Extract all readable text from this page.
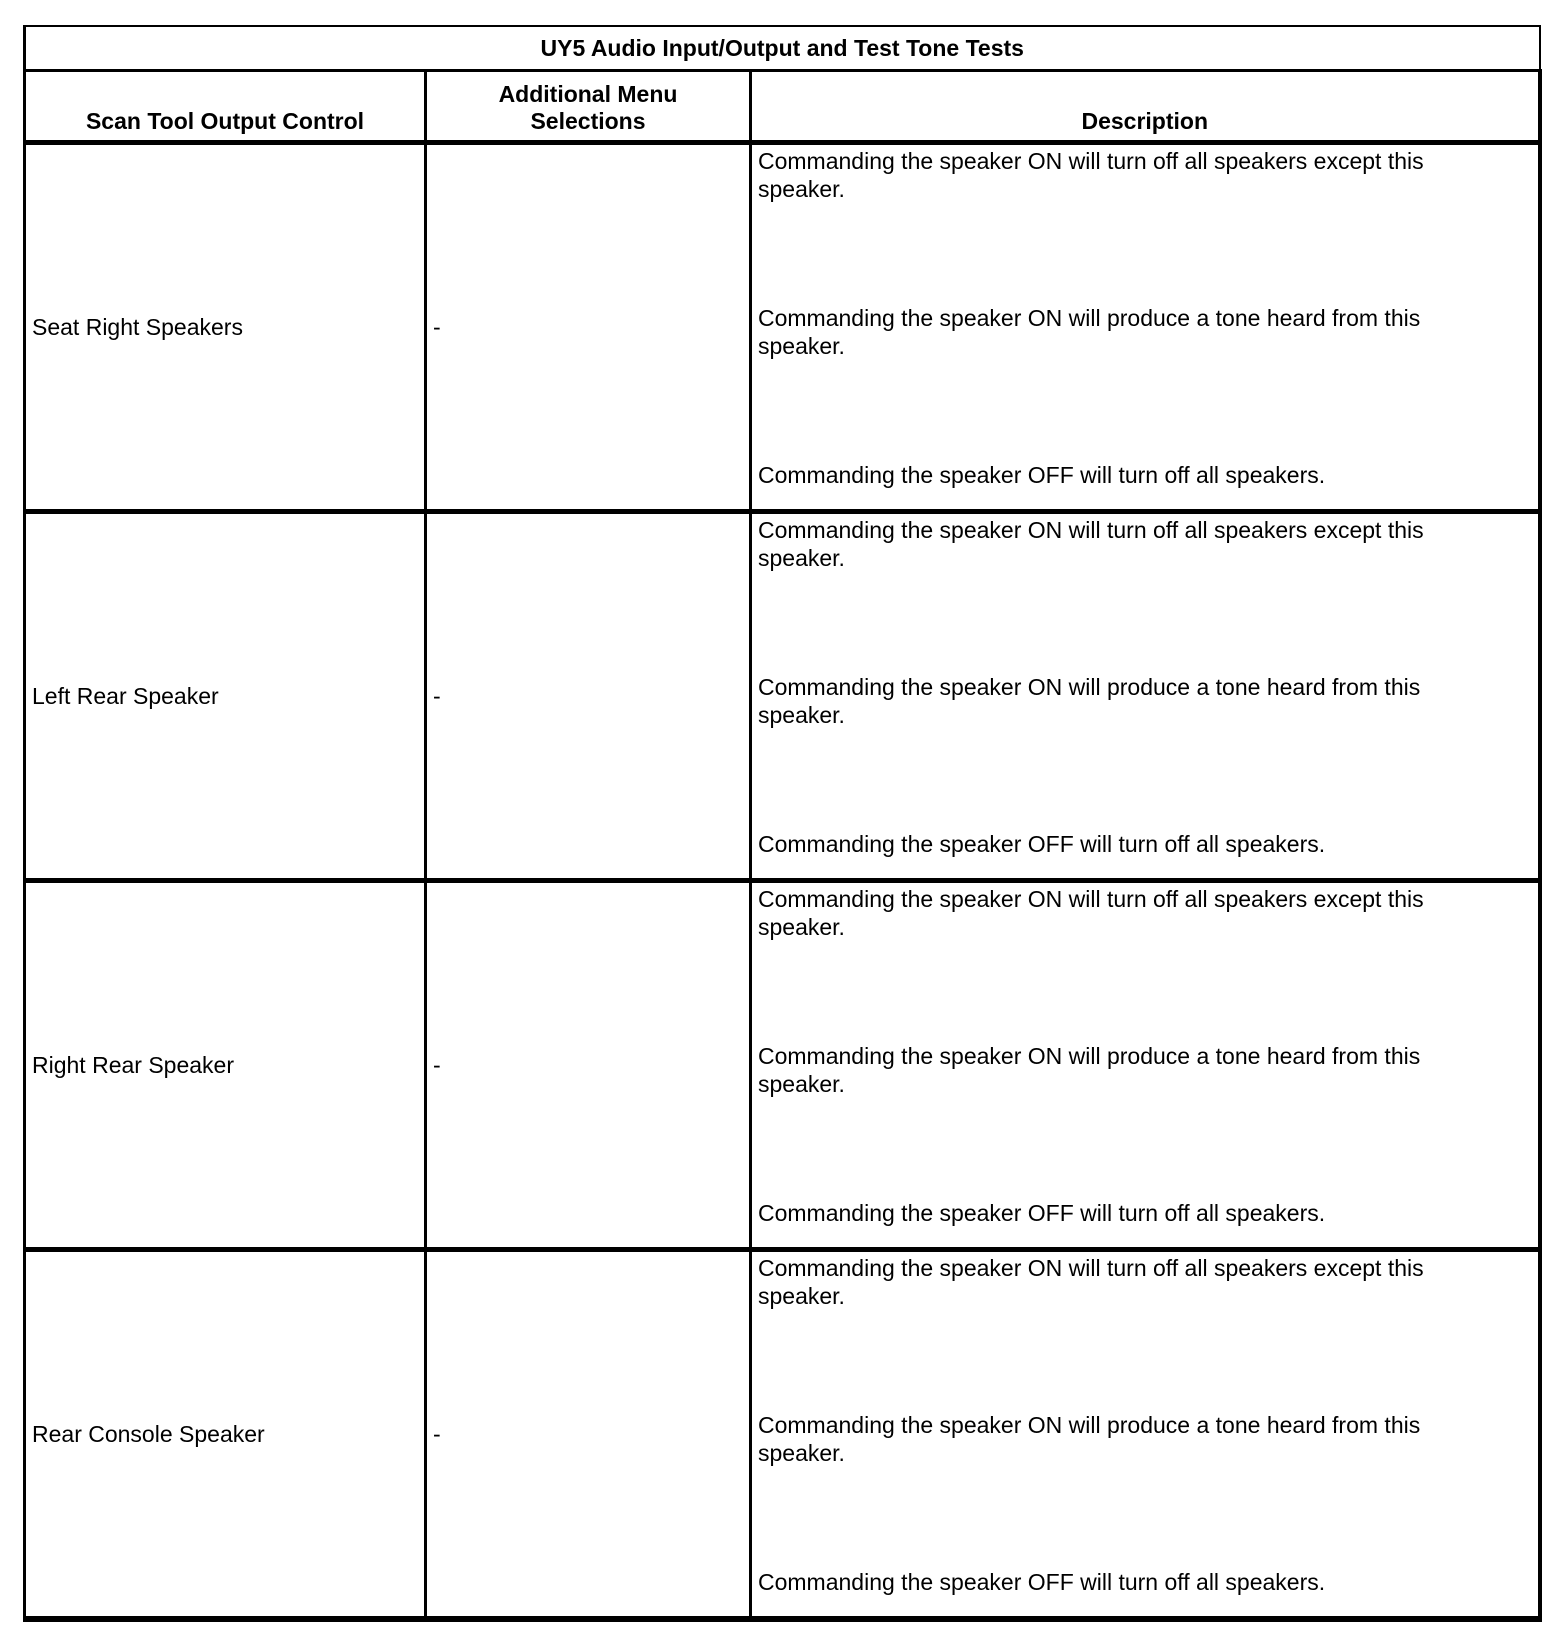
UY5 Audio Input/Output and Test Tone Tests		
Scan Tool Output Control	Additional Menu Selections	Description
Seat Right Speakers	-	Commanding the speaker ON will turn off all speakers except this speaker.
Commanding the speaker ON will produce a tone heard from this speaker.
Commanding the speaker OFF will turn off all speakers.

Left Rear Speaker	-	Commanding the speaker ON will turn off all speakers except this speaker.
Commanding the speaker ON will produce a tone heard from this speaker.
Commanding the speaker OFF will turn off all speakers.

Right Rear Speaker	-	Commanding the speaker ON will turn off all speakers except this speaker.
Commanding the speaker ON will produce a tone heard from this speaker.
Commanding the speaker OFF will turn off all speakers.

Rear Console Speaker	-	Commanding the speaker ON will turn off all speakers except this speaker.
Commanding the speaker ON will produce a tone heard from this speaker.
Commanding the speaker OFF will turn off all speakers.
